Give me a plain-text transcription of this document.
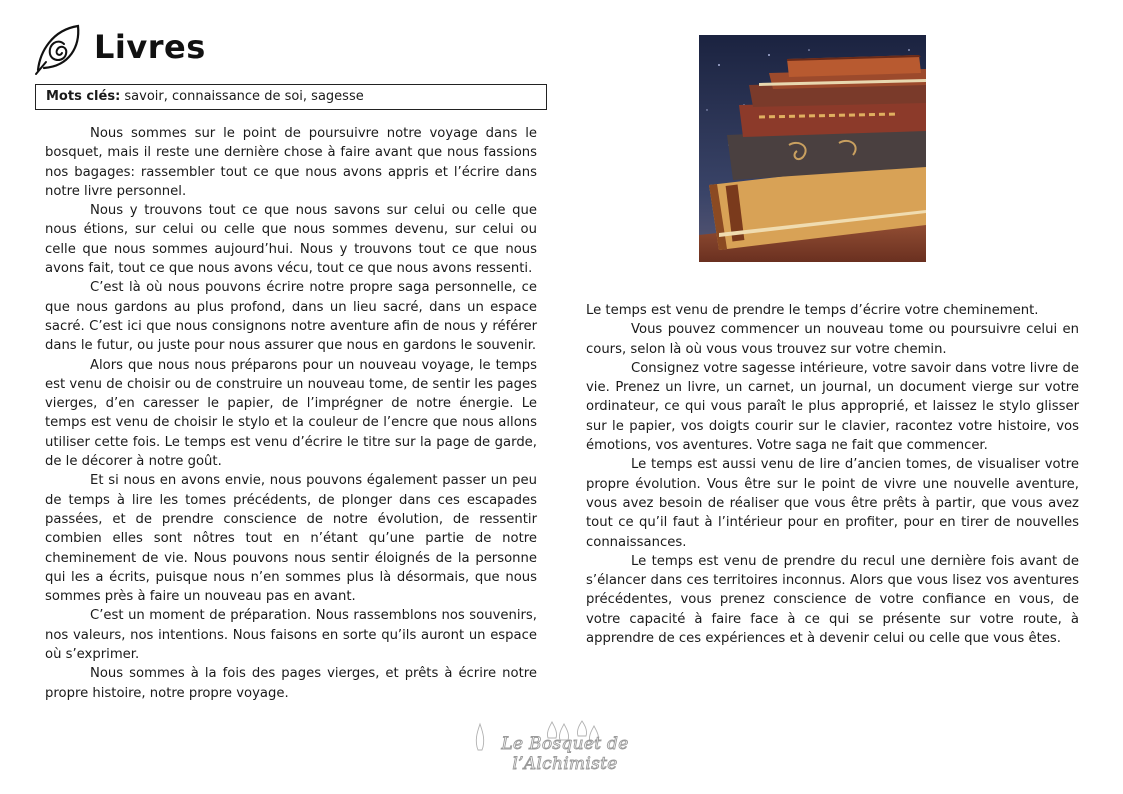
Livres
Mots clés: savoir, connaissance de soi, sagesse

Nous sommes sur le point de poursuivre notre voyage dans le bosquet, mais il reste une dernière chose à faire avant que nous fassions nos bagages: rassembler tout ce que nous avons appris et l’écrire dans notre livre personnel.

Nous y trouvons tout ce que nous savons sur celui ou celle que nous étions, sur celui ou celle que nous sommes devenu, sur celui ou celle que nous sommes aujourd’hui. Nous y trouvons tout ce que nous avons fait, tout ce que nous avons vécu, tout ce que nous avons ressenti.

C’est là où nous pouvons écrire notre propre saga personnelle, ce que nous gardons au plus profond, dans un lieu sacré, dans un espace sacré. C’est ici que nous consignons notre aventure afin de nous y référer dans le futur, ou juste pour nous assurer que nous en gardons le souvenir.

Alors que nous nous préparons pour un nouveau voyage, le temps est venu de choisir ou de construire un nouveau tome, de sentir les pages vierges, d’en caresser le papier, de l’imprégner de notre énergie. Le temps est venu de choisir le stylo et la couleur de l’encre que nous allons utiliser cette fois. Le temps est venu d’écrire le titre sur la page de garde, de le décorer à notre goût.

Et si nous en avons envie, nous pouvons également passer un peu de temps à lire les tomes précédents, de plonger dans ces escapades passées, et de prendre conscience de notre évolution, de ressentir combien elles sont nôtres tout en n’étant qu’une partie de notre cheminement de vie. Nous pouvons nous sentir éloignés de la personne qui les a écrits, puisque nous n’en sommes plus là désormais, que nous sommes près à faire un nouveau pas en avant.

C’est un moment de préparation. Nous rassemblons nos souvenirs, nos valeurs, nos intentions. Nous faisons en sorte qu’ils auront un espace où s’exprimer.

Nous sommes à la fois des pages vierges, et prêts à écrire notre propre histoire, notre propre voyage.

Le temps est venu de prendre le temps d’écrire votre cheminement.

Vous pouvez commencer un nouveau tome ou poursuivre celui en cours, selon là où vous vous trouvez sur votre chemin.

Consignez votre sagesse intérieure, votre savoir dans votre livre de vie. Prenez un livre, un carnet, un journal, un document vierge sur votre ordinateur, ce qui vous paraît le plus approprié, et laissez le stylo glisser sur le papier, vos doigts courir sur le clavier, racontez votre histoire, vos émotions, vos aventures. Votre saga ne fait que commencer.

Le temps est aussi venu de lire d’ancien tomes, de visualiser votre propre évolution. Vous être sur le point de vivre une nouvelle aventure, vous avez besoin de réaliser que vous être prêts à partir, que vous avez tout ce qu’il faut à l’intérieur pour en profiter, pour en tirer de nouvelles connaissances.

Le temps est venu de prendre du recul une dernière fois avant de s’élancer dans ces territoires inconnus. Alors que vous lisez vos aventures précédentes, vous prenez conscience de votre confiance en vous, de votre capacité à faire face à ce qui se présente sur votre route, à apprendre de ces expériences et à devenir celui ou celle que vous êtes.

Le Bosquet de l’Alchimiste
